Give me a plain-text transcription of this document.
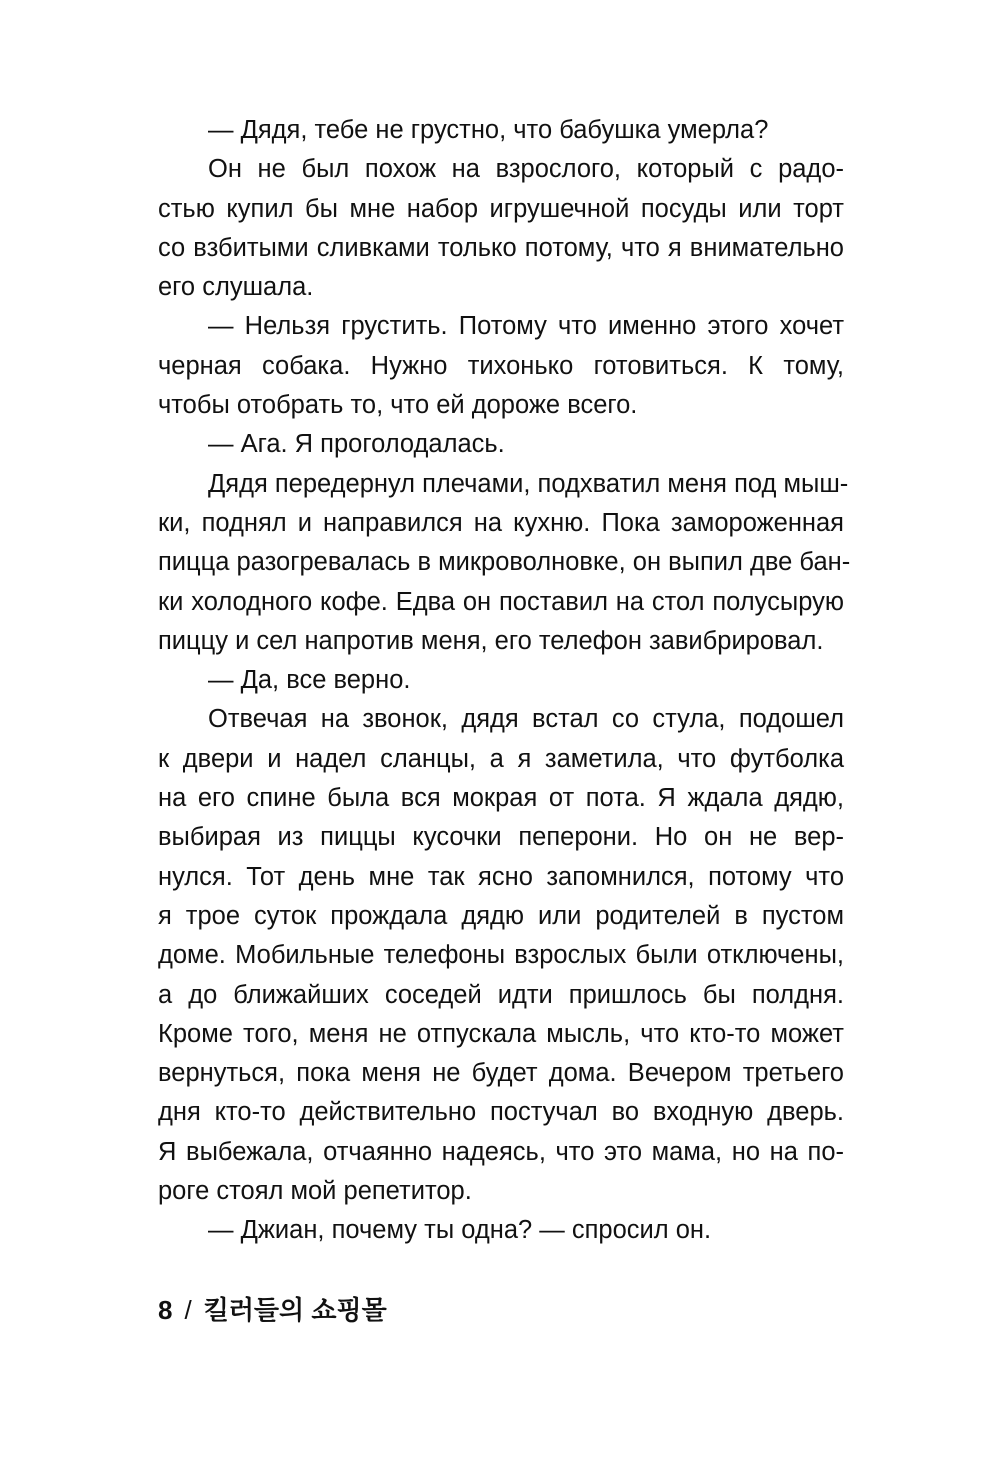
— Дядя, тебе не грустно, что бабушка умерла?
Он не был похож на взрослого, который с радо-
стью купил бы мне набор игрушечной посуды или торт
со взбитыми сливками только потому, что я внимательно
его слушала.
— Нельзя грустить. Потому что именно этого хочет
черная собака. Нужно тихонько готовиться. К тому,
чтобы отобрать то, что ей дороже всего.
— Ага. Я проголодалась.
Дядя передернул плечами, подхватил меня под мыш-
ки, поднял и направился на кухню. Пока замороженная
пицца разогревалась в микроволновке, он выпил две бан-
ки холодного кофе. Едва он поставил на стол полусырую
пиццу и сел напротив меня, его телефон завибрировал.
— Да, все верно.
Отвечая на звонок, дядя встал со стула, подошел
к двери и надел сланцы, а я заметила, что футболка
на его спине была вся мокрая от пота. Я ждала дядю,
выбирая из пиццы кусочки пеперони. Но он не вер-
нулся. Тот день мне так ясно запомнился, потому что
я трое суток прождала дядю или родителей в пустом
доме. Мобильные телефоны взрослых были отключены,
а до ближайших соседей идти пришлось бы полдня.
Кроме того, меня не отпускала мысль, что кто-то может
вернуться, пока меня не будет дома. Вечером третьего
дня кто-то действительно постучал во входную дверь.
Я выбежала, отчаянно надеясь, что это мама, но на по-
роге стоял мой репетитор.
— Джиан, почему ты одна? — спросил он.
8 / 킬러들의 쇼핑몰
